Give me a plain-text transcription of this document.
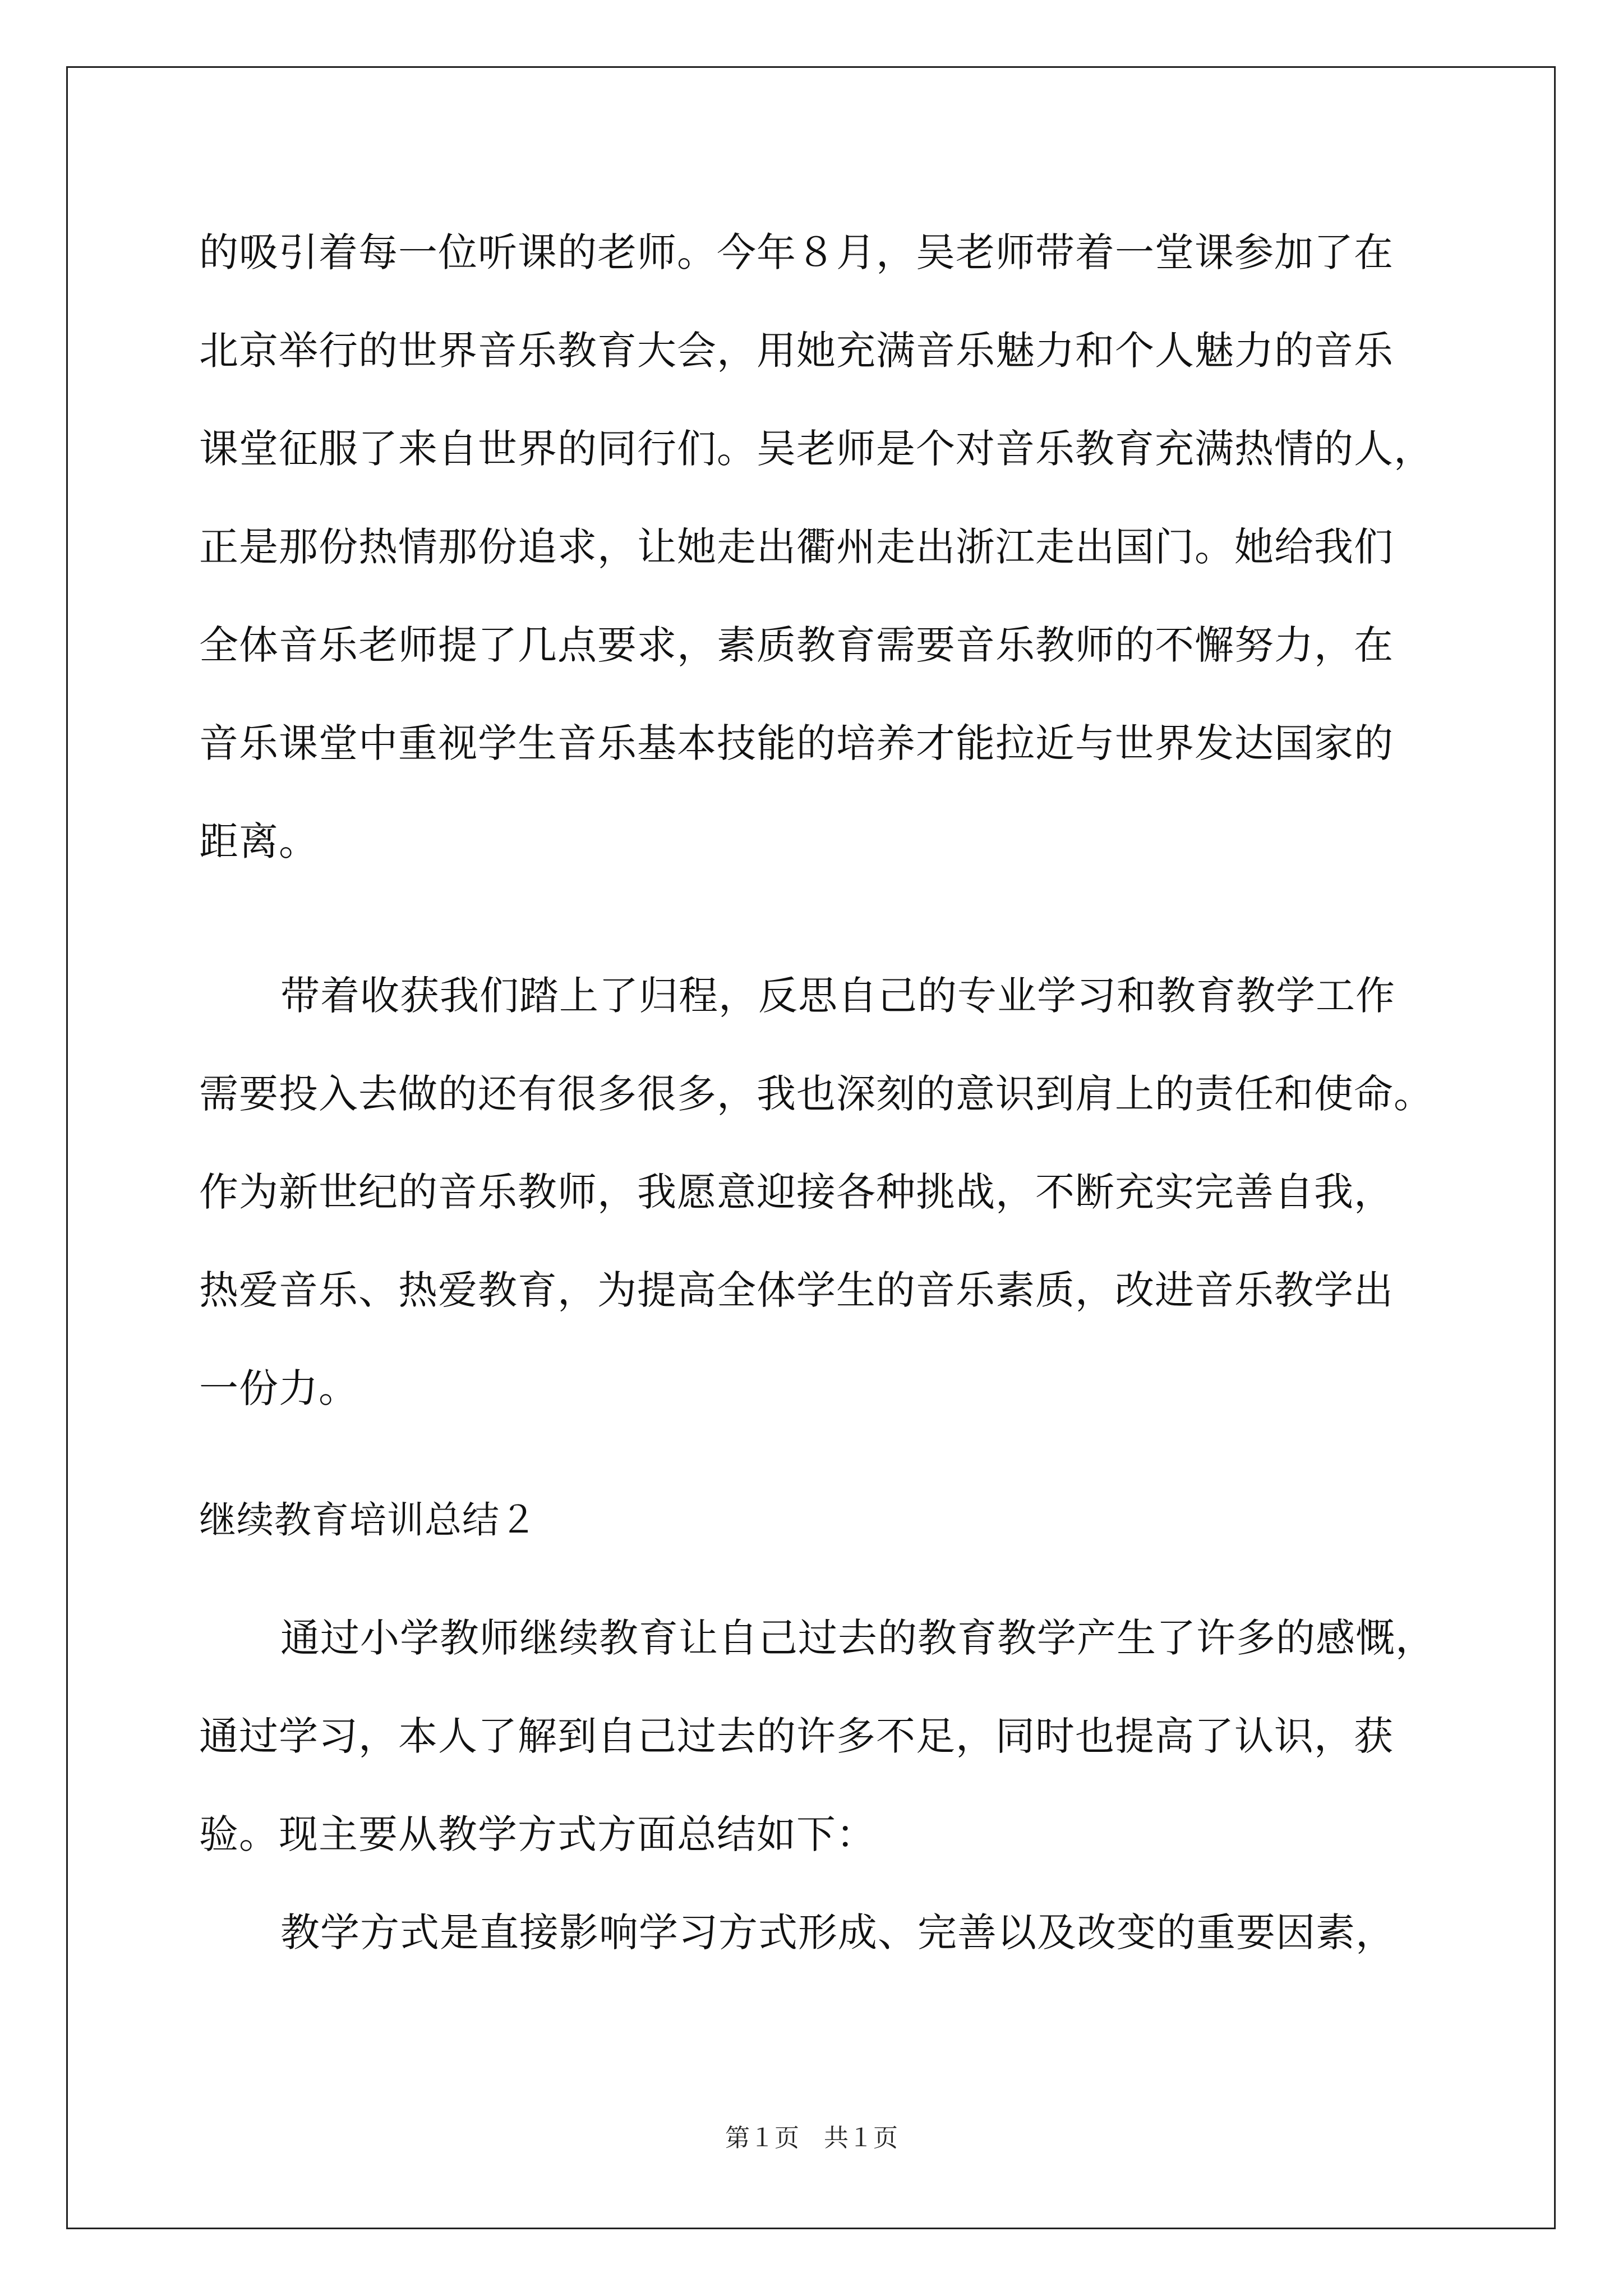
的吸引着每一位听课的老师。今年８月，吴老师带着一堂课参加了在
北京举行的世界音乐教育大会，用她充满音乐魅力和个人魅力的音乐
课堂征服了来自世界的同行们。吴老师是个对音乐教育充满热情的人，
正是那份热情那份追求，让她走出衢州走出浙江走出国门。她给我们
全体音乐老师提了几点要求，素质教育需要音乐教师的不懈努力，在
音乐课堂中重视学生音乐基本技能的培养才能拉近与世界发达国家的
距离。
带着收获我们踏上了归程，反思自己的专业学习和教育教学工作
需要投入去做的还有很多很多，我也深刻的意识到肩上的责任和使命。
作为新世纪的音乐教师，我愿意迎接各种挑战，不断充实完善自我，
热爱音乐、热爱教育，为提高全体学生的音乐素质，改进音乐教学出
一份力。
继续教育培训总结２
通过小学教师继续教育让自己过去的教育教学产生了许多的感慨，
通过学习，本人了解到自己过去的许多不足，同时也提高了认识，获
验。现主要从教学方式方面总结如下：
教学方式是直接影响学习方式形成、完善以及改变的重要因素，
第１页　共１页
